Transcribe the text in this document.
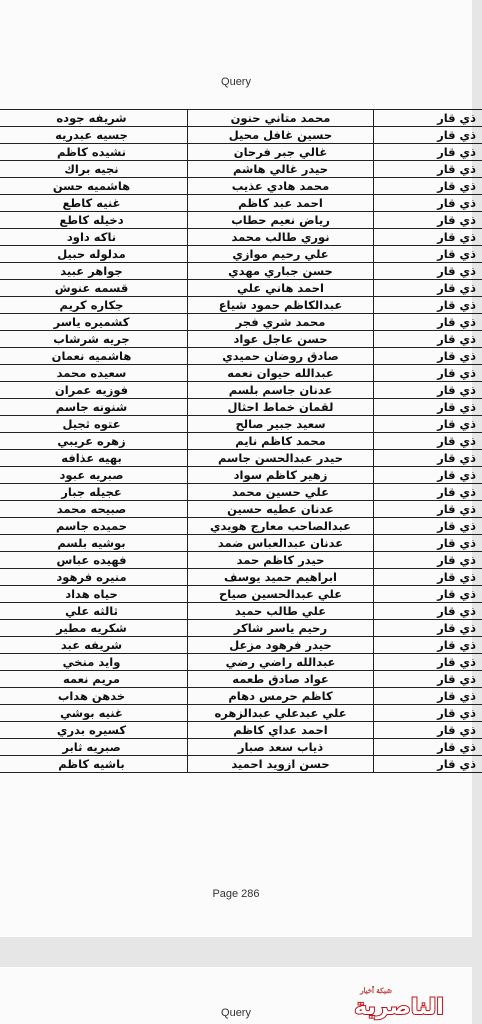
Query
شريفه جوده	محمد متاني حنون	ذي قار
جسيه عبدريه	حسين غافل محيل	ذي قار
نشيده كاظم	غالي جبر فرحان	ذي قار
نجيه براك	حيدر غالي هاشم	ذي قار
هاشميه حسن	محمد هادي عذيب	ذي قار
غنيه كاطع	احمد عبد كاظم	ذي قار
دخيله كاطع	رياض نعيم حطاب	ذي قار
ناكه داود	نوري طالب محمد	ذي قار
مدلوله حبيل	علي رحيم موازي	ذي قار
جواهر عبيد	حسن جباري مهدي	ذي قار
قسمه عنوش	احمد هاني علي	ذي قار
جكاره كريم	عبدالكاظم حمود شياع	ذي قار
كشميره ياسر	محمد شري فجر	ذي قار
جريه شرشاب	حسن عاجل عواد	ذي قار
هاشميه نعمان	صادق روضان حميدي	ذي قار
سعيده محمد	عبدالله حيوان نعمه	ذي قار
فوزيه عمران	عدنان جاسم بلسم	ذي قار
شنونه جاسم	لقمان خماط احثال	ذي قار
عتوه ثجيل	سعيد جبير صالح	ذي قار
زهره عريبي	محمد كاظم نايم	ذي قار
بهيه عذافه	حيدر عبدالحسن جاسم	ذي قار
صبريه عبود	زهير كاظم سواد	ذي قار
عجيله جبار	علي حسين محمد	ذي قار
صبيحه محمد	عدنان عطيه حسين	ذي قار
حميده جاسم	عبدالصاحب معارج هويدي	ذي قار
بوشيه بلسم	عدنان عبدالعباس ضمد	ذي قار
فهيده عباس	حيدر كاظم حمد	ذي قار
منيره فرهود	ابراهيم حميد يوسف	ذي قار
حياه هداد	علي عبدالحسين صياح	ذي قار
ثالثه علي	علي طالب حميد	ذي قار
شكريه مطير	رحيم ياسر شاكر	ذي قار
شريفه عبد	حيدر فرهود مزعل	ذي قار
وايد منخي	عبدالله راضي رضي	ذي قار
مريم نعمه	عواد صادق طعمه	ذي قار
خدهن هداب	كاظم حرمس دهام	ذي قار
غنيه بوشي	علي عبدعلي عبدالزهره	ذي قار
كسيره بدري	احمد عداي كاظم	ذي قار
صبريه ثابر	ذياب سعد صبار	ذي قار
باشيه كاظم	حسن ازويد احميد	ذي قار
Page 286
Query
شبكة أخبار
الناصرية
